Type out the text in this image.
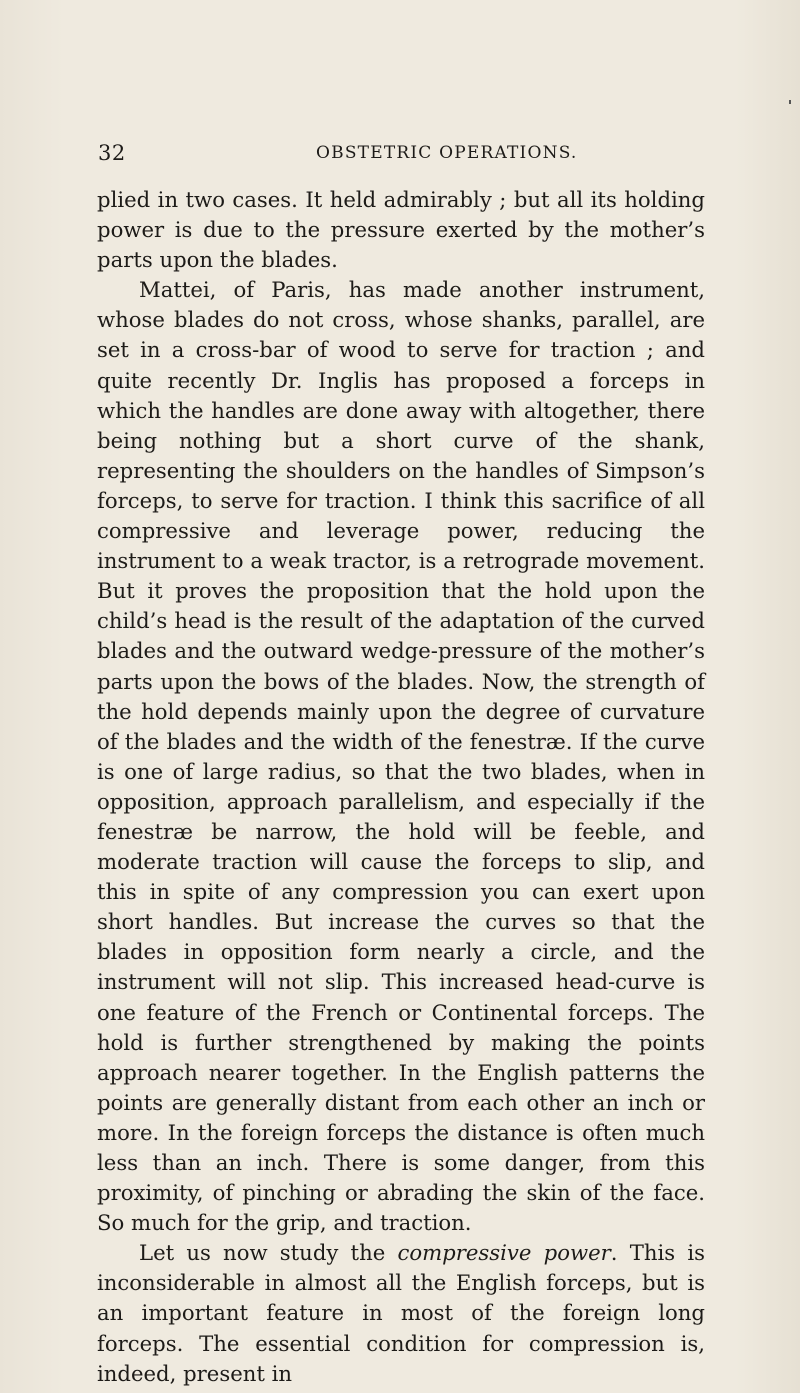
32	OBSTETRIC OPERATIONS.

plied in two cases. It held admirably ; but all its holding power is due to the pressure exerted by the mother’s parts upon the blades.

Mattei, of Paris, has made another instrument, whose blades do not cross, whose shanks, parallel, are set in a cross-bar of wood to serve for traction ; and quite recently Dr. Inglis has proposed a forceps in which the handles are done away with altogether, there being nothing but a short curve of the shank, representing the shoulders on the handles of Simpson’s forceps, to serve for traction. I think this sacrifice of all compressive and leverage power, reducing the instrument to a weak tractor, is a retrograde movement. But it proves the proposition that the hold upon the child’s head is the result of the adaptation of the curved blades and the outward wedge-pressure of the mother’s parts upon the bows of the blades. Now, the strength of the hold depends mainly upon the degree of curvature of the blades and the width of the fenestræ. If the curve is one of large radius, so that the two blades, when in opposition, approach parallelism, and especially if the fenestræ be narrow, the hold will be feeble, and moderate traction will cause the forceps to slip, and this in spite of any compression you can exert upon short handles. But increase the curves so that the blades in opposition form nearly a circle, and the instrument will not slip. This increased head-curve is one feature of the French or Continental forceps. The hold is further strengthened by making the points approach nearer together. In the English patterns the points are generally distant from each other an inch or more. In the foreign forceps the distance is often much less than an inch. There is some danger, from this proximity, of pinching or abrading the skin of the face. So much for the grip, and traction.

Let us now study the compressive power. This is inconsiderable in almost all the English forceps, but is an important feature in most of the foreign long forceps. The essential condition for compression is, indeed, present in
